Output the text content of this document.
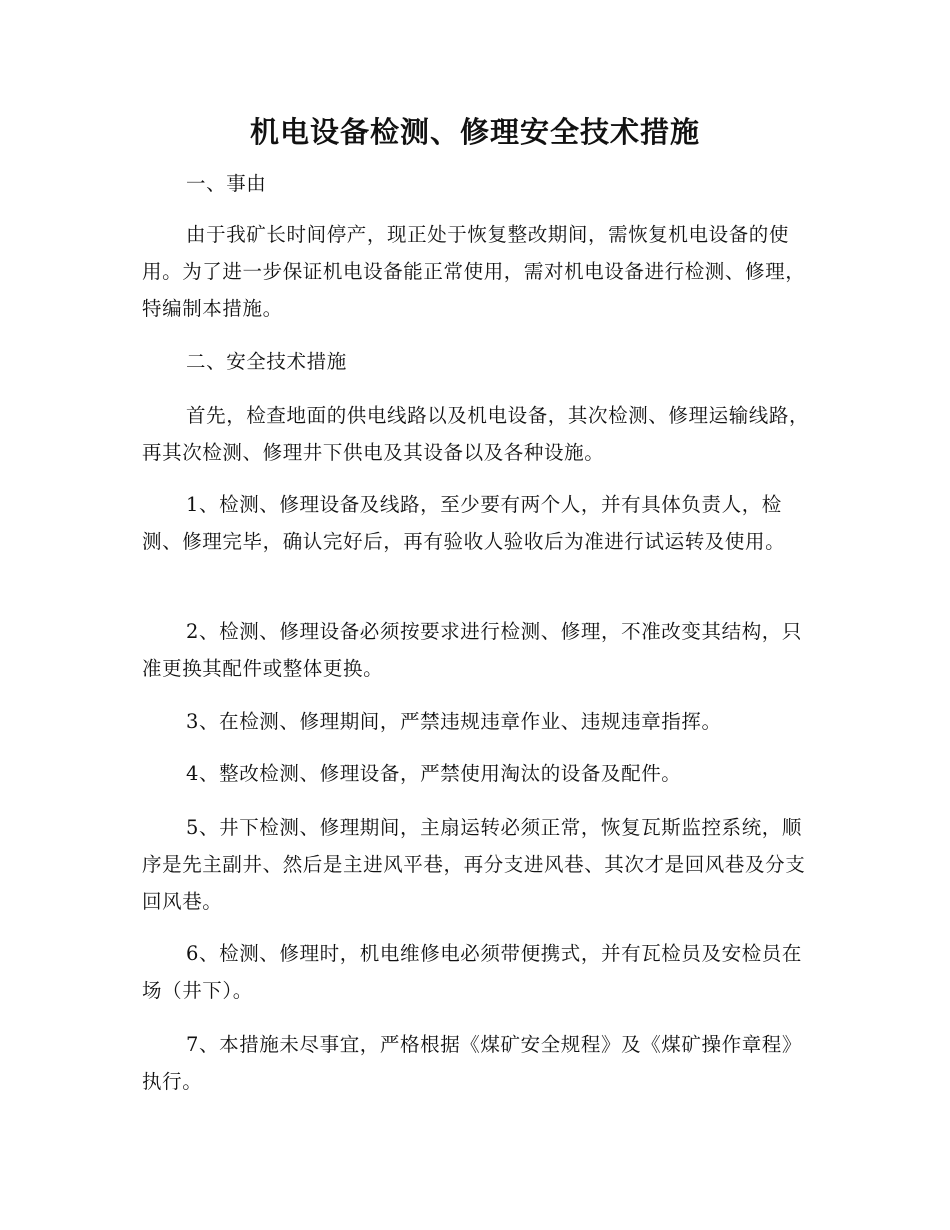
机电设备检测、修理安全技术措施

一、事由

由于我矿长时间停产，现正处于恢复整改期间，需恢复机电设备的使用。为了进一步保证机电设备能正常使用，需对机电设备进行检测、修理，特编制本措施。

二、安全技术措施

首先，检查地面的供电线路以及机电设备，其次检测、修理运输线路，再其次检测、修理井下供电及其设备以及各种设施。

1、检测、修理设备及线路，至少要有两个人，并有具体负责人，检测、修理完毕，确认完好后，再有验收人验收后为准进行试运转及使用。

2、检测、修理设备必须按要求进行检测、修理，不准改变其结构，只准更换其配件或整体更换。

3、在检测、修理期间，严禁违规违章作业、违规违章指挥。

4、整改检测、修理设备，严禁使用淘汰的设备及配件。

5、井下检测、修理期间，主扇运转必须正常，恢复瓦斯监控系统，顺序是先主副井、然后是主进风平巷，再分支进风巷、其次才是回风巷及分支回风巷。

6、检测、修理时，机电维修电必须带便携式，并有瓦检员及安检员在场（井下）。

7、本措施未尽事宜，严格根据《煤矿安全规程》及《煤矿操作章程》执行。
